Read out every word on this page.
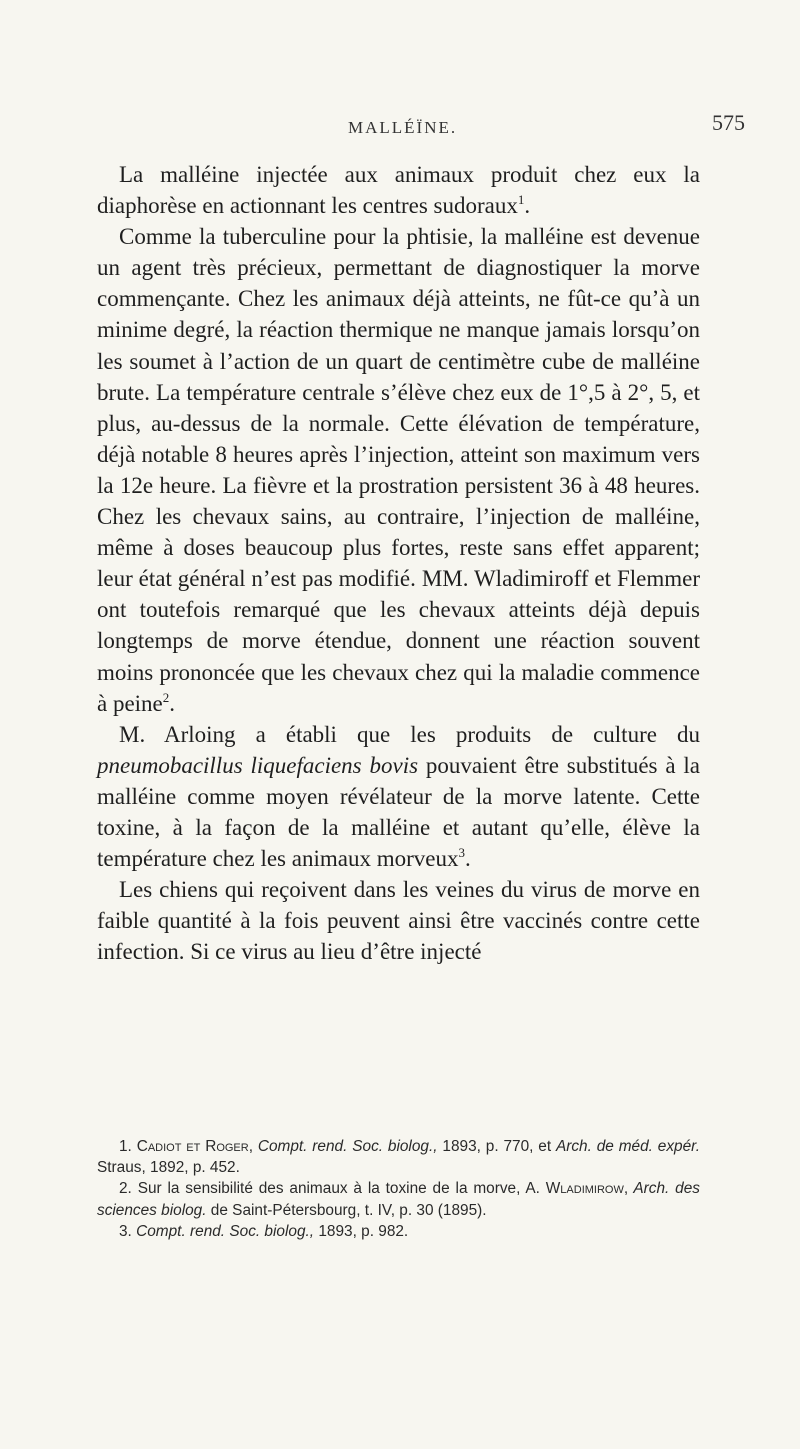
MALLÉÏNE.	575

La malléine injectée aux animaux produit chez eux la diaphorèse en actionnant les centres sudoraux$^1$.

Comme la tuberculine pour la phtisie, la malléine est devenue un agent très précieux, permettant de diagnostiquer la morve commençante. Chez les animaux déjà atteints, ne fût-ce qu’à un minime degré, la réaction thermique ne manque jamais lorsqu’on les soumet à l’action de un quart de centimètre cube de malléine brute. La température centrale s’élève chez eux de 1°,5 à 2°, 5, et plus, au-dessus de la normale. Cette élévation de température, déjà notable 8 heures après l’injection, atteint son maximum vers la 12e heure. La fièvre et la prostration persistent 36 à 48 heures. Chez les chevaux sains, au contraire, l’injection de malléine, même à doses beaucoup plus fortes, reste sans effet apparent; leur état général n’est pas modifié. MM. Wladimiroff et Flemmer ont toutefois remarqué que les chevaux atteints déjà depuis longtemps de morve étendue, donnent une réaction souvent moins prononcée que les chevaux chez qui la maladie commence à peine$^2$.

M. Arloing a établi que les produits de culture du pneumobacillus liquefaciens bovis pouvaient être substitués à la malléine comme moyen révélateur de la morve latente. Cette toxine, à la façon de la malléine et autant qu’elle, élève la température chez les animaux morveux$^3$.

Les chiens qui reçoivent dans les veines du virus de morve en faible quantité à la fois peuvent ainsi être vaccinés contre cette infection. Si ce virus au lieu d’être injecté

1. Cadiot et Roger, Compt. rend. Soc. biolog., 1893, p. 770, et Arch. de méd. expér. Straus, 1892, p. 452.

2. Sur la sensibilité des animaux à la toxine de la morve, A. Wladimirow, Arch. des sciences biolog. de Saint-Pétersbourg, t. IV, p. 30 (1895).

3. Compt. rend. Soc. biolog., 1893, p. 982.
